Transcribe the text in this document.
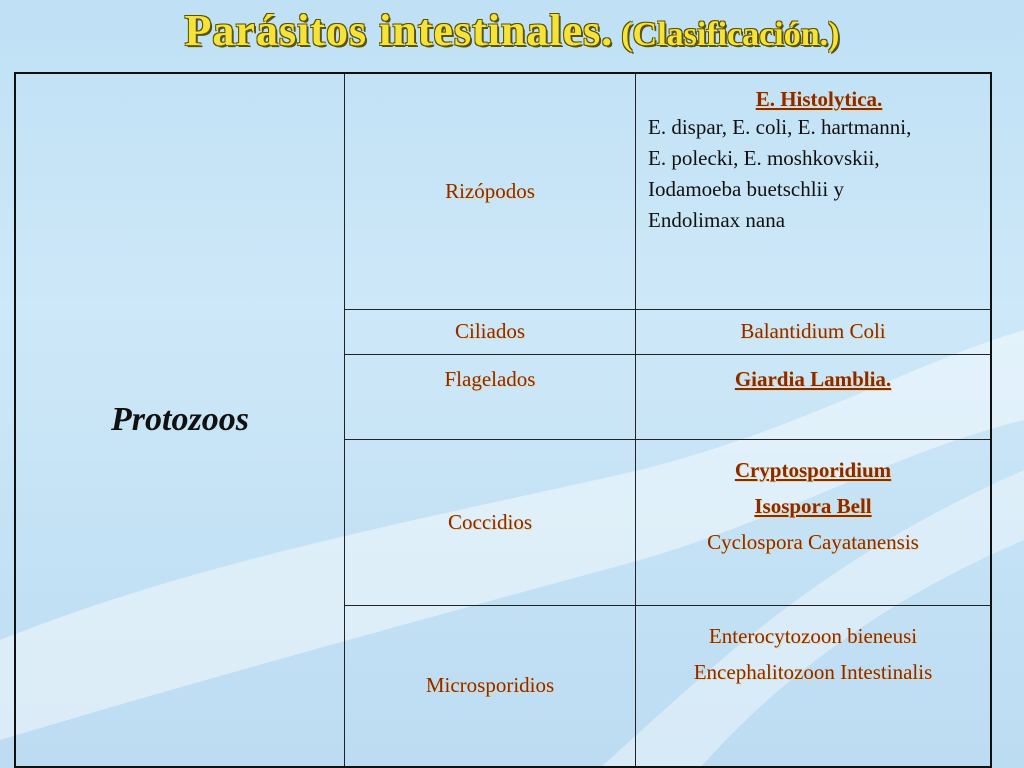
Parásitos intestinales. (Clasificación.)
Protozoos	Rizópodos	E. Histolytica.
E. dispar, E. coli, E. hartmanni,
E. polecki, E. moshkovskii,
Iodamoeba buetschlii y
Endolimax nana

	Ciliados	Balantidium Coli
	Flagelados	Giardia Lamblia.
	Coccidios	Cryptosporidium
Isospora Bell
Cyclospora Cayatanensis

	Microsporidios	Enterocytozoon bieneusi
Encephalitozoon Intestinalis
